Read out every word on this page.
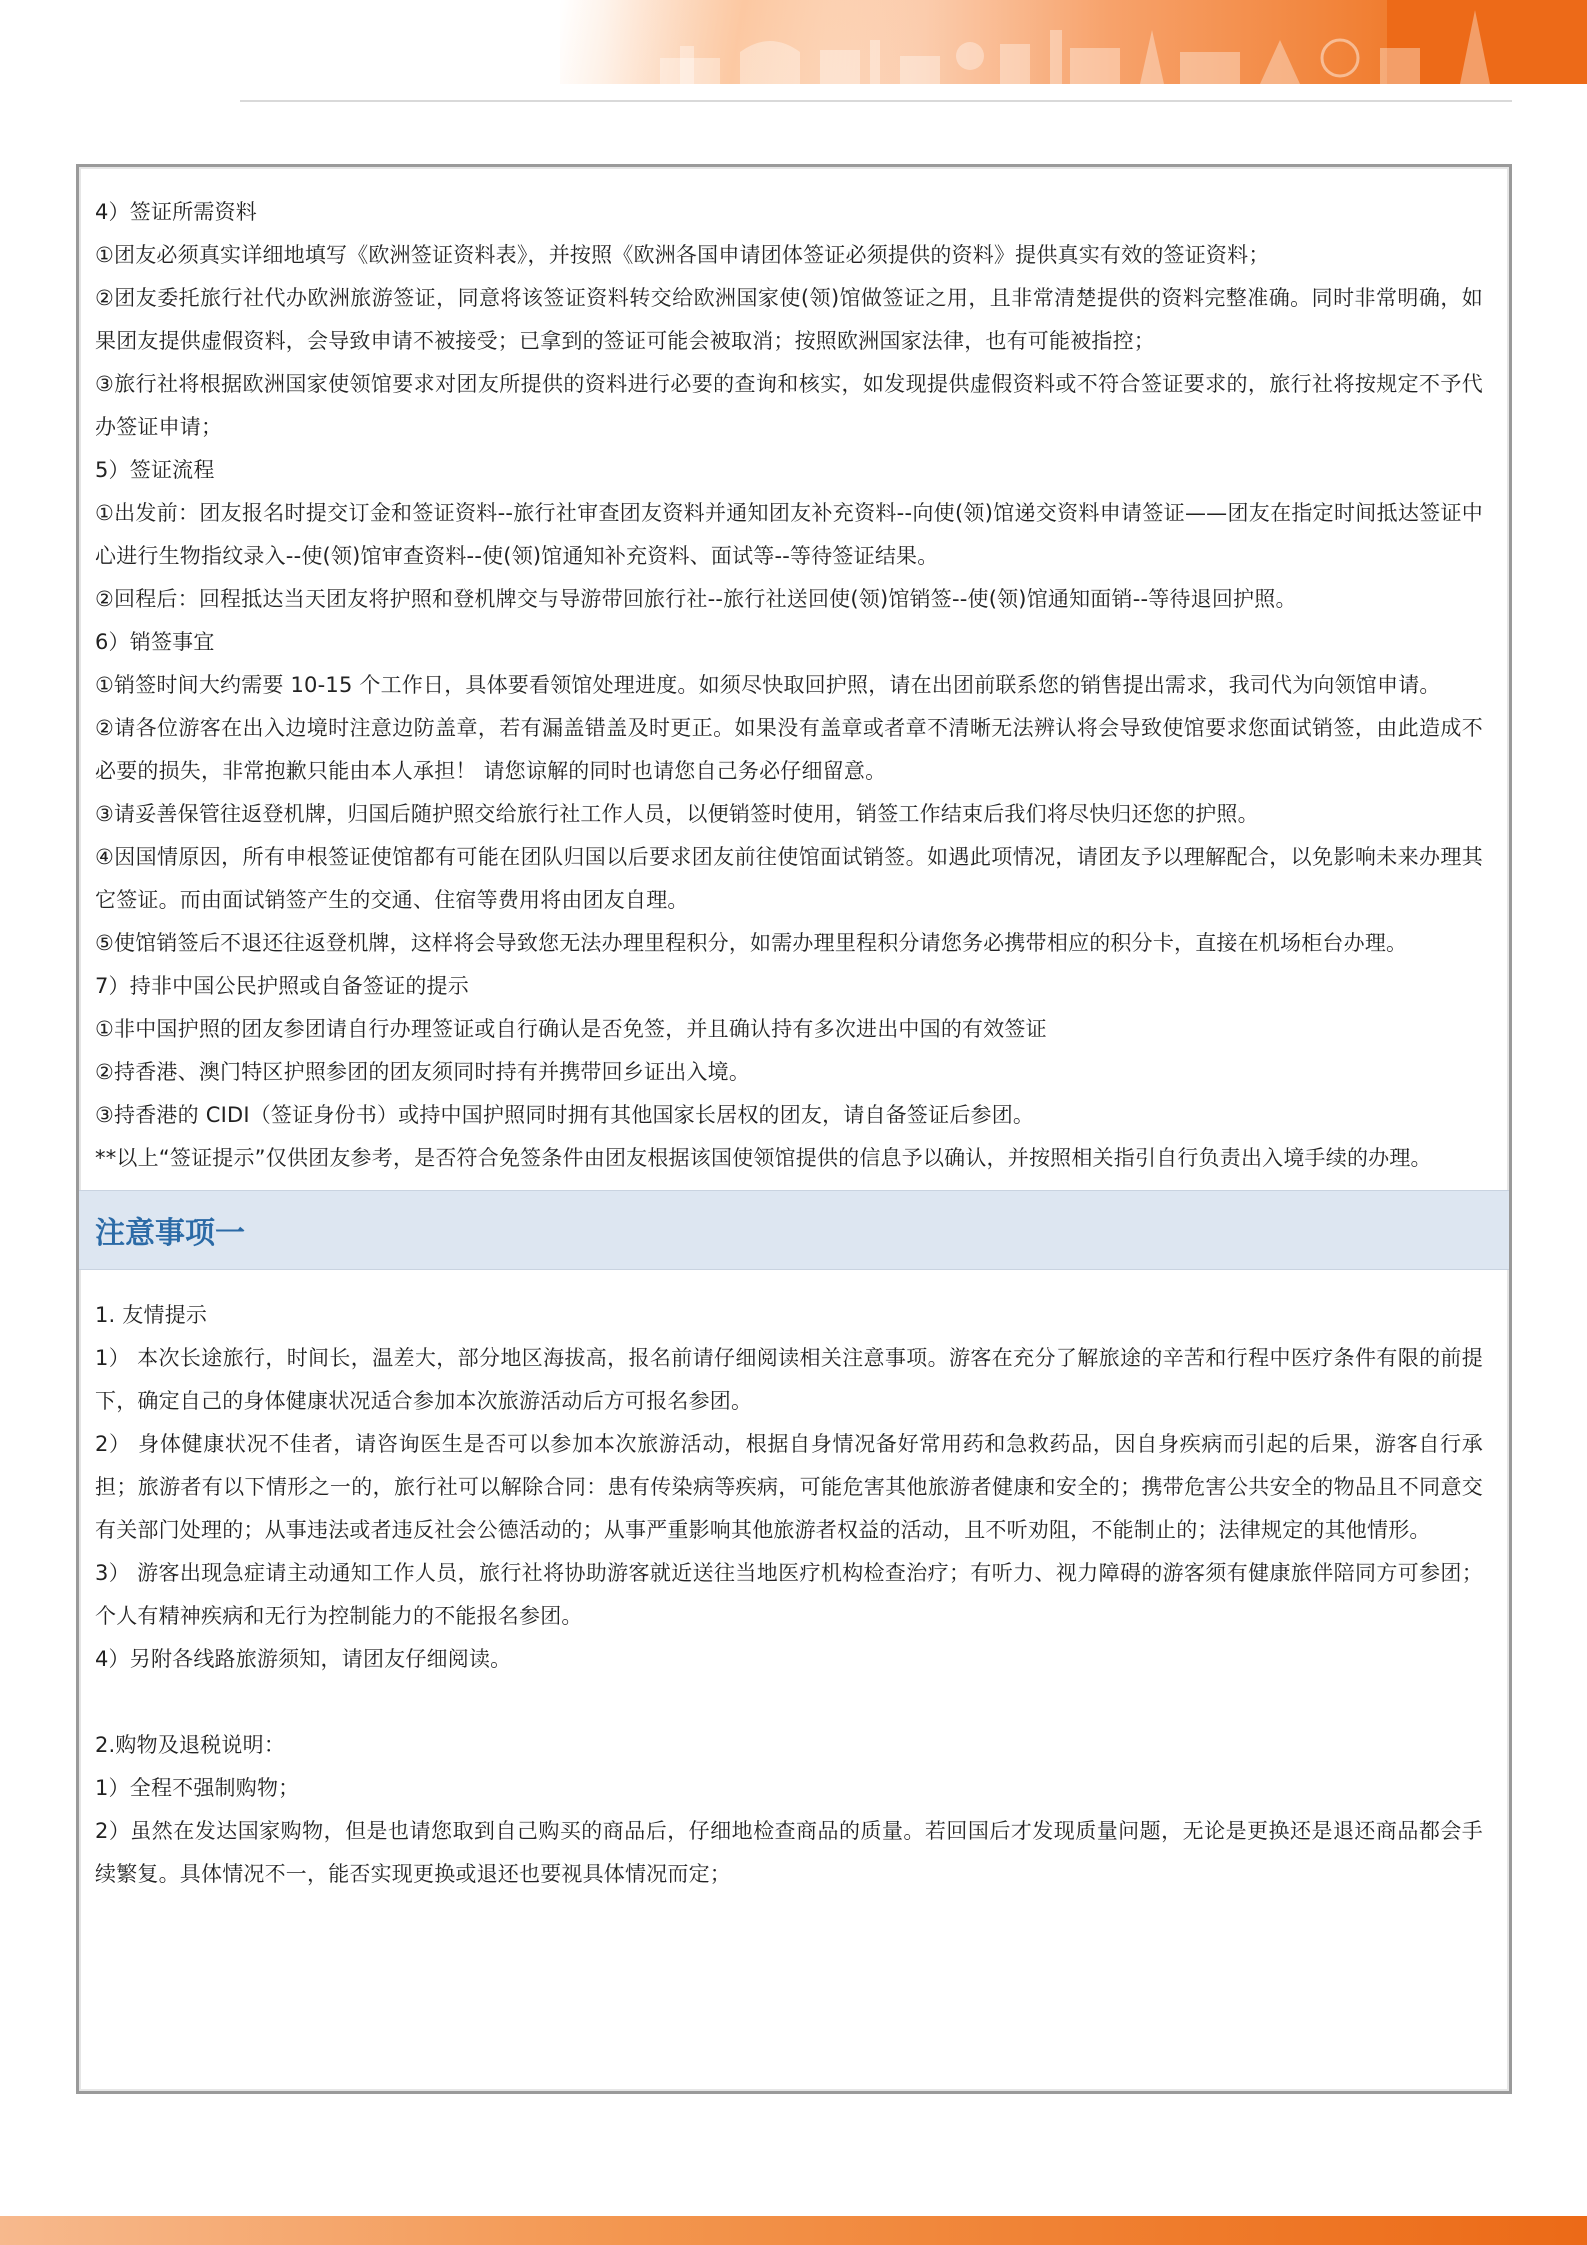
4）签证所需资料
①团友必须真实详细地填写《欧洲签证资料表》，并按照《欧洲各国申请团体签证必须提供的资料》提供真实有效的签证资料；
②团友委托旅行社代办欧洲旅游签证，同意将该签证资料转交给欧洲国家使(领)馆做签证之用，且非常清楚提供的资料完整准确。同时非常明确，如果团友提供虚假资料，会导致申请不被接受；已拿到的签证可能会被取消；按照欧洲国家法律，也有可能被指控；
③旅行社将根据欧洲国家使领馆要求对团友所提供的资料进行必要的查询和核实，如发现提供虚假资料或不符合签证要求的，旅行社将按规定不予代办签证申请；
5）签证流程
①出发前：团友报名时提交订金和签证资料--旅行社审查团友资料并通知团友补充资料--向使(领)馆递交资料申请签证——团友在指定时间抵达签证中心进行生物指纹录入--使(领)馆审查资料--使(领)馆通知补充资料、面试等--等待签证结果。
②回程后：回程抵达当天团友将护照和登机牌交与导游带回旅行社--旅行社送回使(领)馆销签--使(领)馆通知面销--等待退回护照。
6）销签事宜
①销签时间大约需要 10-15 个工作日，具体要看领馆处理进度。如须尽快取回护照，请在出团前联系您的销售提出需求，我司代为向领馆申请。
②请各位游客在出入边境时注意边防盖章，若有漏盖错盖及时更正。如果没有盖章或者章不清晰无法辨认将会导致使馆要求您面试销签，由此造成不必要的损失，非常抱歉只能由本人承担！ 请您谅解的同时也请您自己务必仔细留意。
③请妥善保管往返登机牌，归国后随护照交给旅行社工作人员，以便销签时使用，销签工作结束后我们将尽快归还您的护照。
④因国情原因，所有申根签证使馆都有可能在团队归国以后要求团友前往使馆面试销签。如遇此项情况，请团友予以理解配合，以免影响未来办理其它签证。而由面试销签产生的交通、住宿等费用将由团友自理。
⑤使馆销签后不退还往返登机牌，这样将会导致您无法办理里程积分，如需办理里程积分请您务必携带相应的积分卡，直接在机场柜台办理。
7）持非中国公民护照或自备签证的提示
①非中国护照的团友参团请自行办理签证或自行确认是否免签，并且确认持有多次进出中国的有效签证
②持香港、澳门特区护照参团的团友须同时持有并携带回乡证出入境。
③持香港的 CIDI（签证身份书）或持中国护照同时拥有其他国家长居权的团友，请自备签证后参团。
**以上“签证提示”仅供团友参考，是否符合免签条件由团友根据该国使领馆提供的信息予以确认，并按照相关指引自行负责出入境手续的办理。
注意事项一
1. 友情提示
1） 本次长途旅行，时间长，温差大，部分地区海拔高，报名前请仔细阅读相关注意事项。游客在充分了解旅途的辛苦和行程中医疗条件有限的前提下，确定自己的身体健康状况适合参加本次旅游活动后方可报名参团。
2） 身体健康状况不佳者，请咨询医生是否可以参加本次旅游活动，根据自身情况备好常用药和急救药品，因自身疾病而引起的后果，游客自行承担；旅游者有以下情形之一的，旅行社可以解除合同：患有传染病等疾病，可能危害其他旅游者健康和安全的；携带危害公共安全的物品且不同意交有关部门处理的；从事违法或者违反社会公德活动的；从事严重影响其他旅游者权益的活动，且不听劝阻，不能制止的；法律规定的其他情形。
3） 游客出现急症请主动通知工作人员，旅行社将协助游客就近送往当地医疗机构检查治疗；有听力、视力障碍的游客须有健康旅伴陪同方可参团；个人有精神疾病和无行为控制能力的不能报名参团。
4）另附各线路旅游须知，请团友仔细阅读。
2.购物及退税说明：
1）全程不强制购物；
2）虽然在发达国家购物，但是也请您取到自己购买的商品后，仔细地检查商品的质量。若回国后才发现质量问题，无论是更换还是退还商品都会手续繁复。具体情况不一，能否实现更换或退还也要视具体情况而定；
